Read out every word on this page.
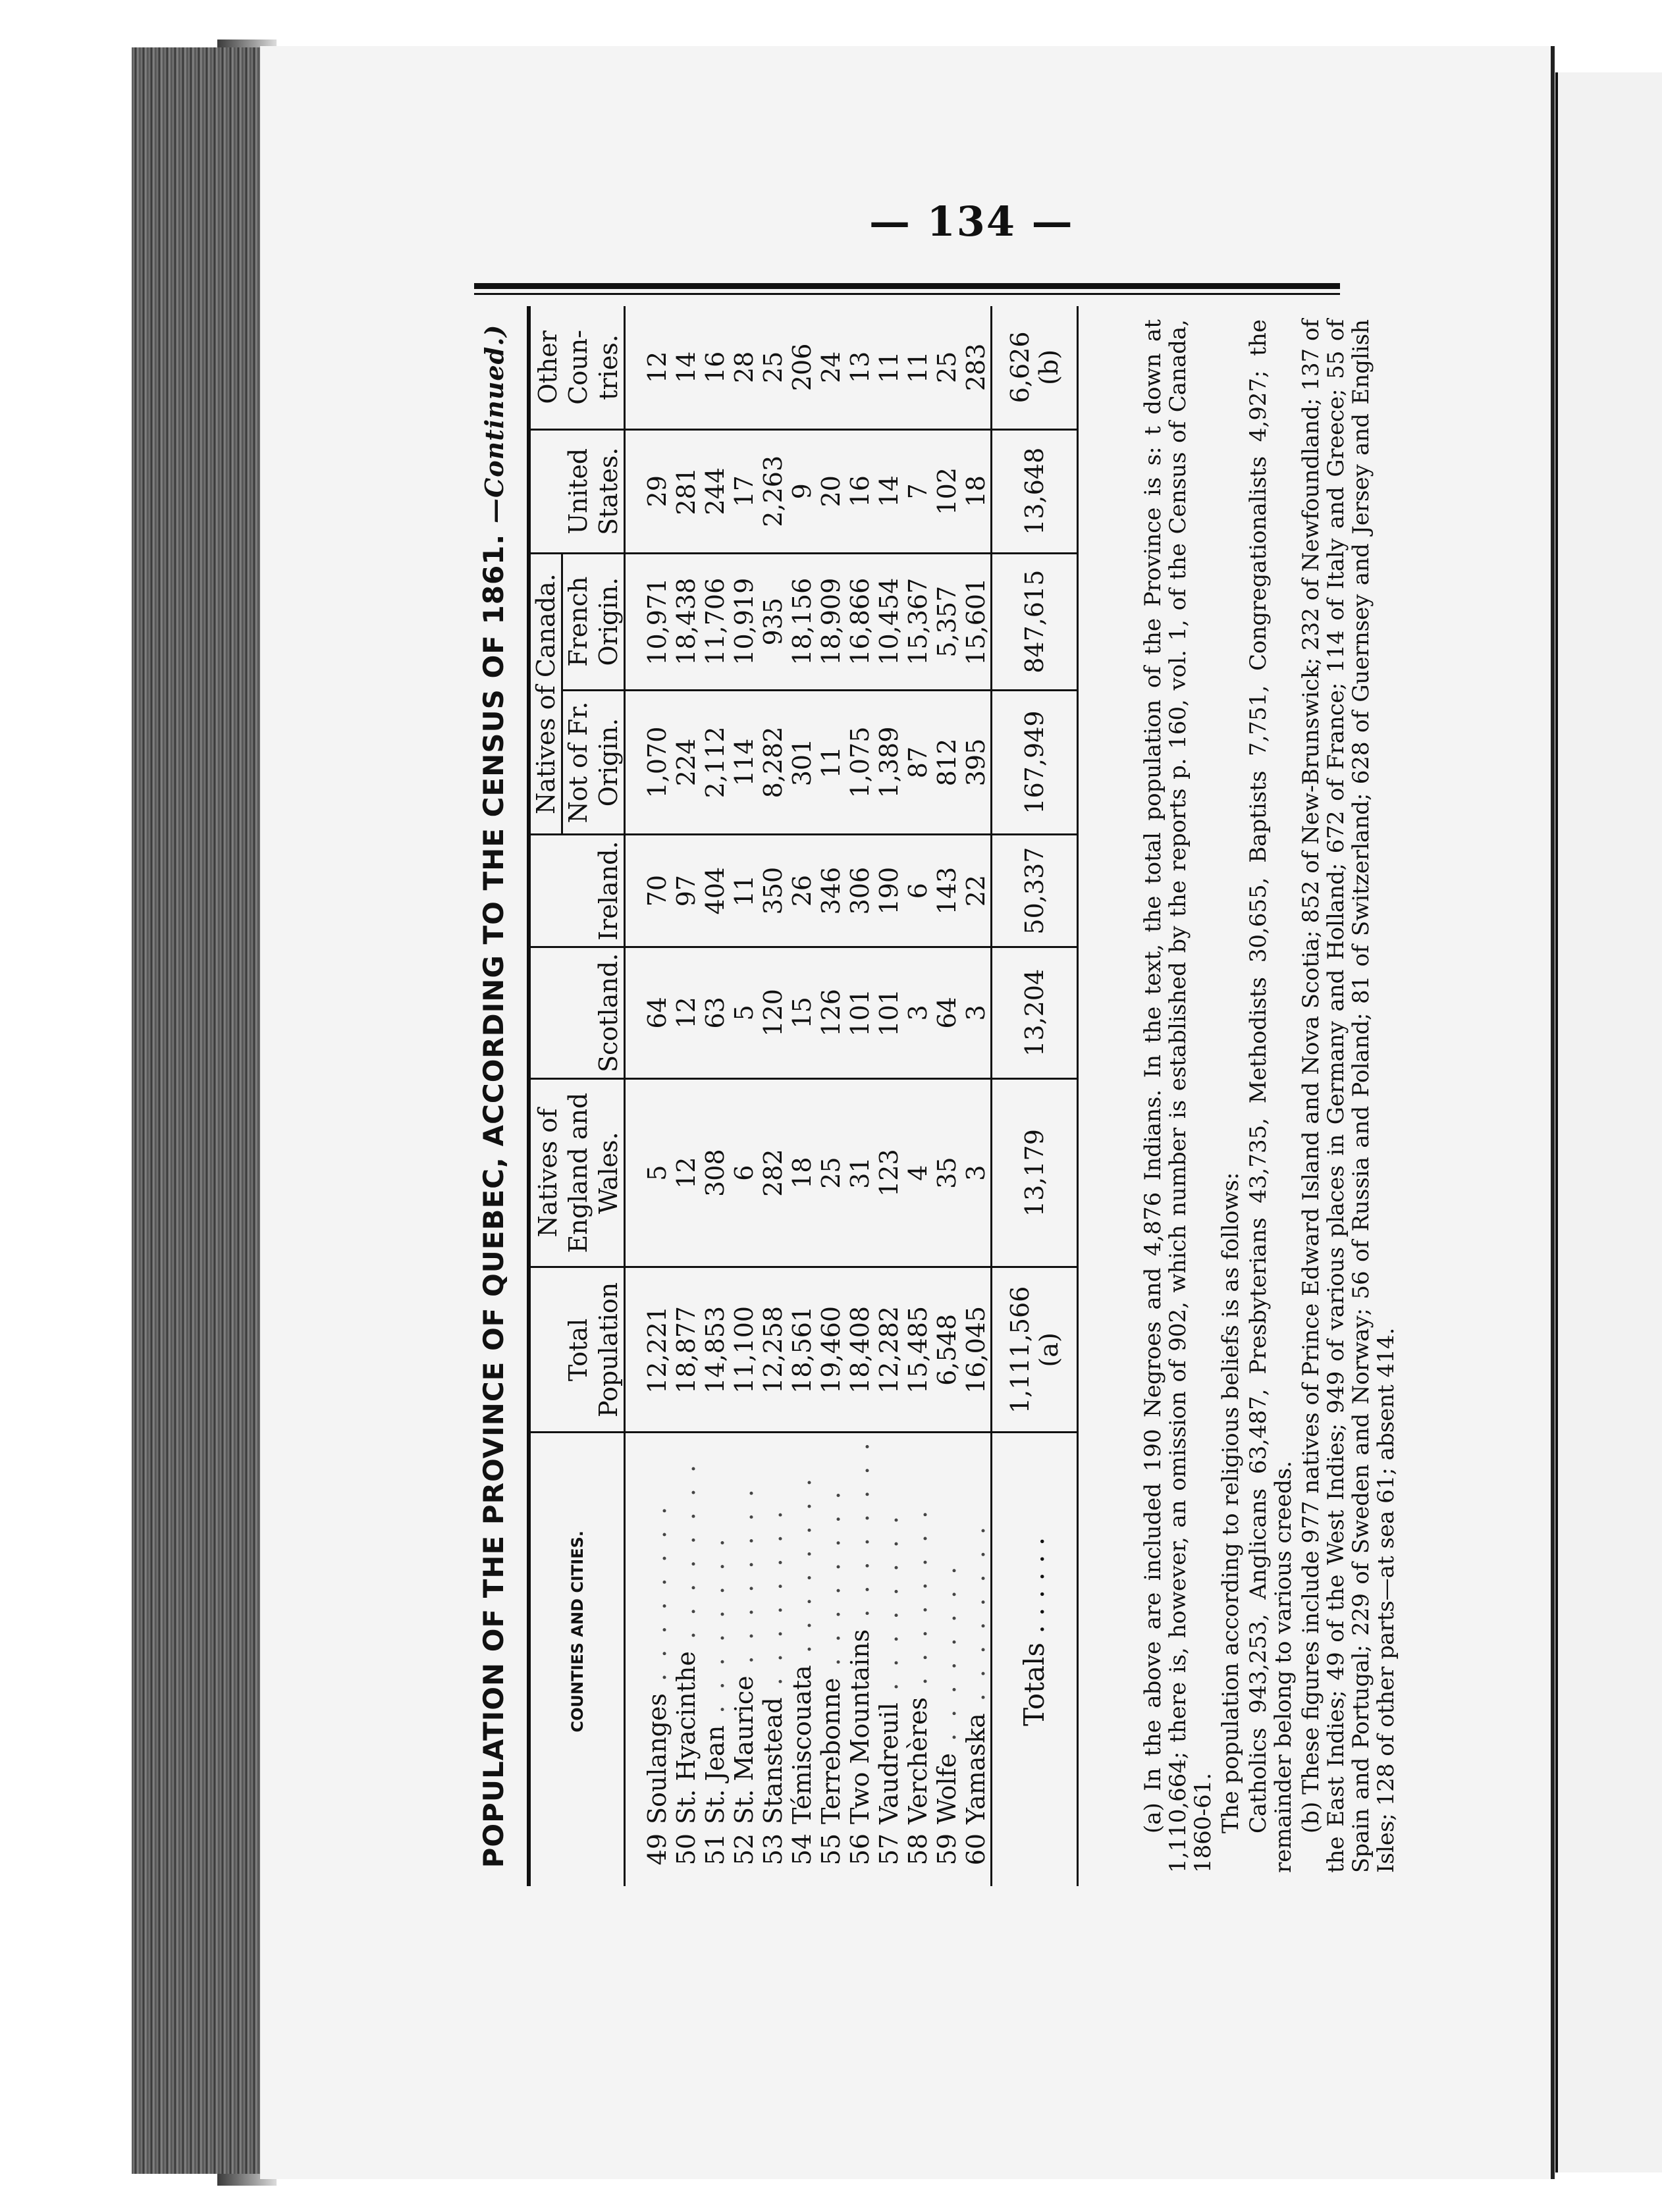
— 134 —
POPULATION OF THE PROVINCE OF QUEBEC, ACCORDING TO THE CENSUS OF 1861. —Continued.)
	COUNTIES AND CITIES.	Total Population	Natives of England and Wales.	Scotland.	Ireland.	Natives of Canada.		United States.	Other Coun-tries.
						Not of Fr. Origin.	French Origin.		
49	Soulanges . . . . . . . .	12,221	5	64	70	1,070	10,971	29	12
50	St. Hyacinthe . . . . . . . .	18,877	12	12	97	224	18,438	281	14
51	St. Jean . . . . . . . .	14,853	308	63	404	2,112	11,706	244	16
52	St. Maurice . . . . . . . .	11,100	6	5	11	114	10,919	17	28
53	Stanstead . . . . . . . .	12,258	282	120	350	8,282	935	2,263	25
54	Témiscouata . . . . . . . .	18,561	18	15	26	301	18,156	9	206
55	Terrebonne . . . . . . . .	19,460	25	126	346	11	18,909	20	24
56	Two Mountains . . . . . . . .	18,408	31	101	306	1,075	16,866	16	13
57	Vaudreuil . . . . . . . .	12,282	123	101	190	1,389	10,454	14	11
58	Verchères . . . . . . . .	15,485	4	3	6	87	15,367	7	11
59	Wolfe . . . . . . . .	6,548	35	64	143	812	5,357	102	25
60	Yamaska . . . . . . . .	16,045	3	3	22	395	15,601	18	283
	Totals . . . . . .	1,111,566 (a)	13,179	13,204	50,337	167,949	847,615	13,648	6,626 (b)	(a) In the above are included 190 Negroes and 4,876 Indians. In the text, the total population of the Province is s: t down at 1,110,664; there is, however, an omission of 902, which number is established by the reports p. 160, vol. 1, of the Census of Canada, 1860-61. The population according to religious beliefs is as follows: Catholics 943,253, Anglicans 63,487, Presbyterians 43,735, Methodists 30,655, Baptists 7,751, Congregationalists 4,927; the remainder belong to various creeds. (b) These figures include 977 natives of Prince Edward Island and Nova Scotia; 852 of New-Brunswick; 232 of Newfoundland; 137 of the East Indies; 49 of the West Indies; 949 of various places in Germany and Holland; 672 of France; 114 of Italy and Greece; 55 of Spain and Portugal; 229 of Sweden and Norway; 56 of Russia and Poland; 81 of Switzerland; 628 of Guernsey and Jersey and English Isles; 128 of other parts—at sea 61; absent 414.
